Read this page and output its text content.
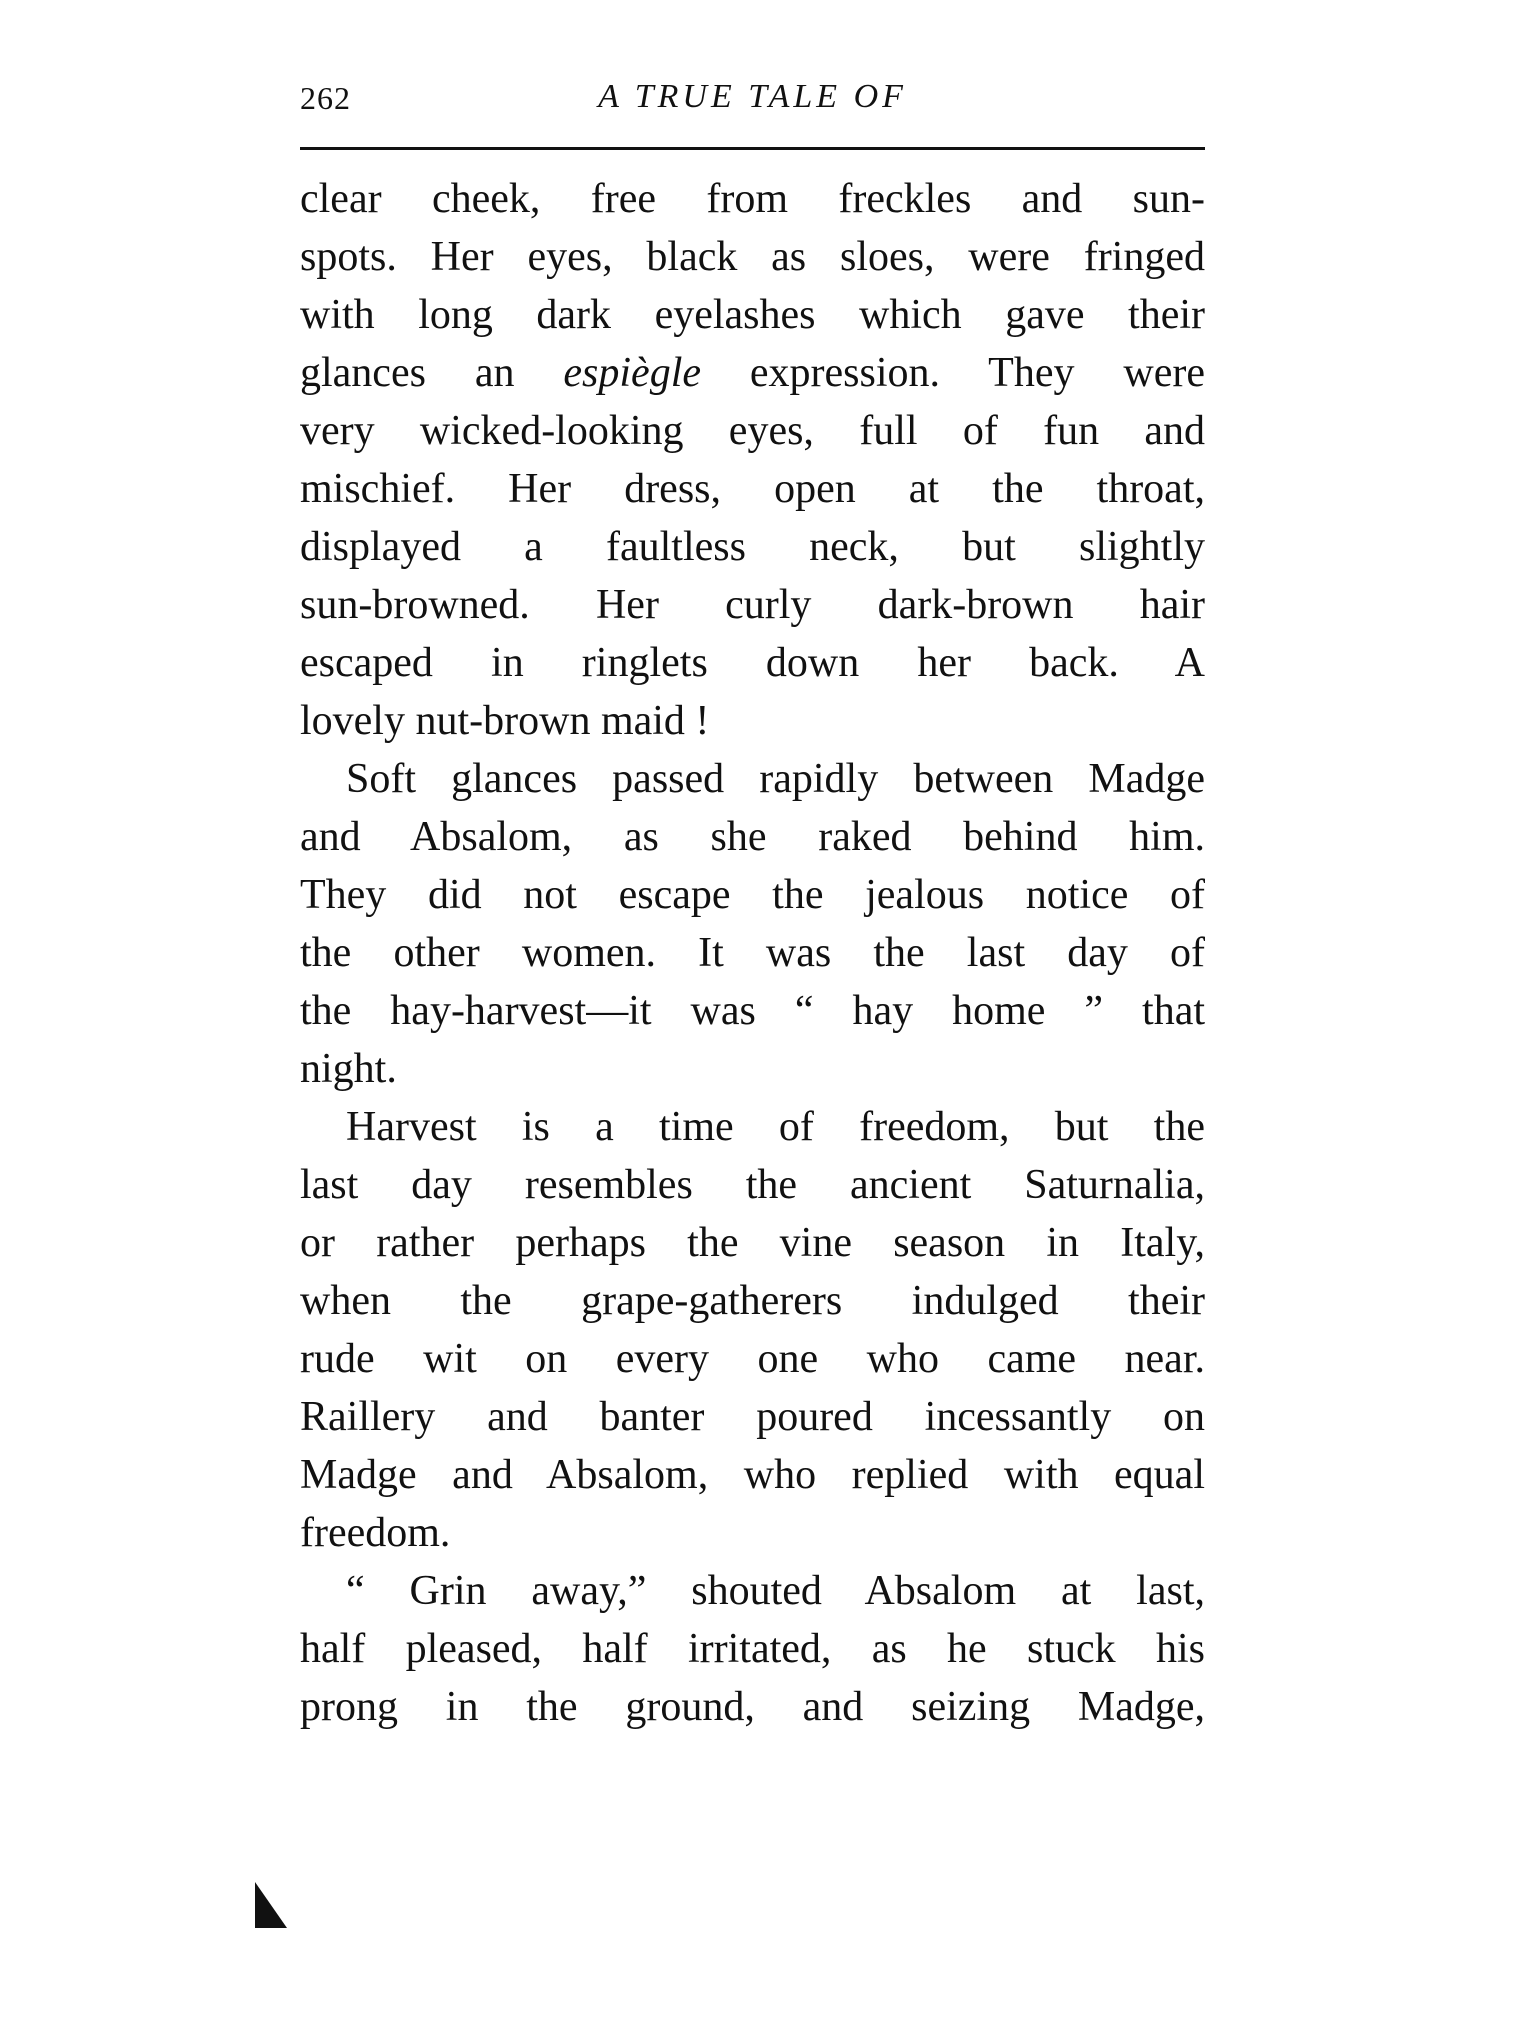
262	A TRUE TALE OF
clear cheek, free from freckles and sun-
spots. Her eyes, black as sloes, were fringed
with long dark eyelashes which gave their
glances an espiègle expression. They were
very wicked-looking eyes, full of fun and
mischief. Her dress, open at the throat,
displayed a faultless neck, but slightly
sun-browned. Her curly dark-brown hair
escaped in ringlets down her back. A
lovely nut-brown maid !
Soft glances passed rapidly between Madge
and Absalom, as she raked behind him.
They did not escape the jealous notice of
the other women. It was the last day of
the hay-harvest—it was “ hay home ” that
night.
Harvest is a time of freedom, but the
last day resembles the ancient Saturnalia,
or rather perhaps the vine season in Italy,
when the grape-gatherers indulged their
rude wit on every one who came near.
Raillery and banter poured incessantly on
Madge and Absalom, who replied with equal
freedom.
“ Grin away,” shouted Absalom at last,
half pleased, half irritated, as he stuck his
prong in the ground, and seizing Madge,
